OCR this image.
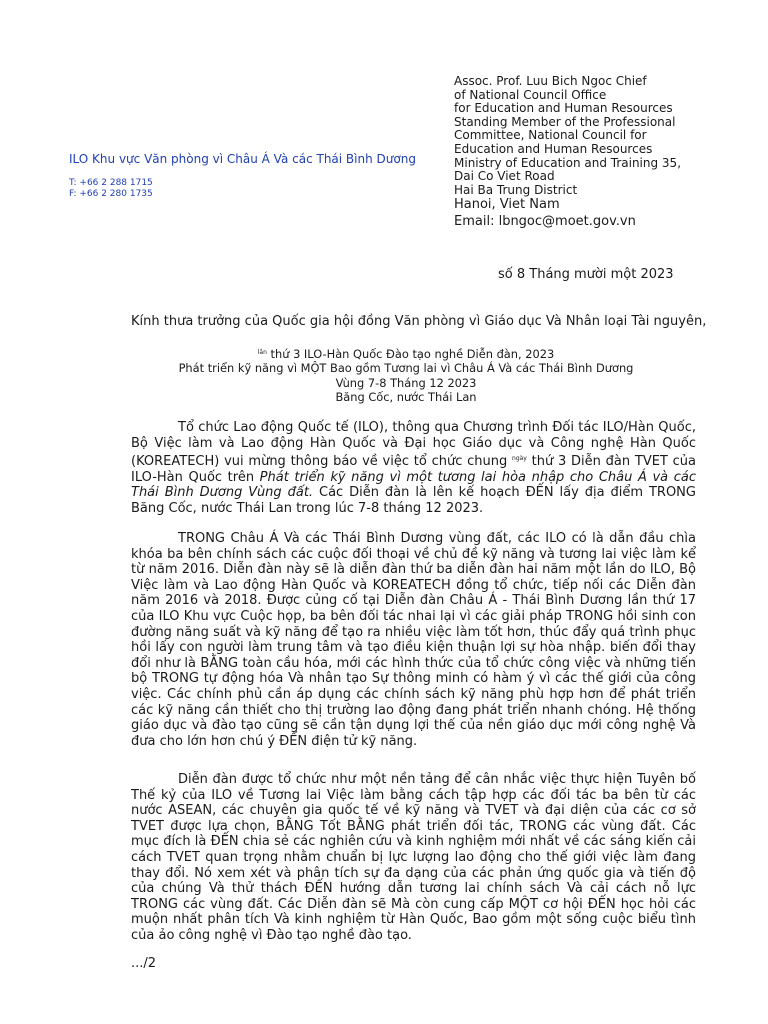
ILO Khu vực Văn phòng vì Châu Á Và các Thái Bình Dương
T: +66 2 288 1715
F: +66 2 280 1735
Assoc. Prof. Luu Bich Ngoc Chief
of National Council Office
for Education and Human Resources
Standing Member of the Professional
Committee, National Council for
Education and Human Resources
Ministry of Education and Training 35,
Dai Co Viet Road
Hai Ba Trung District
Hanoi, Viet Nam
Email: lbngoc@moet.gov.vn
số 8 Tháng mười một 2023
Kính thưa trưởng của Quốc gia hội đồng Văn phòng vì Giáo dục Và Nhân loại Tài nguyên,
$^{lần}$ thứ 3 ILO-Hàn Quốc Đào tạo nghề Diễn đàn, 2023
Phát triển kỹ năng vì MỘT Bao gồm Tương lai vì Châu Á Và các Thái Bình Dương
Vùng 7-8 Tháng 12 2023
Băng Cốc, nước Thái Lan

Tổ chức Lao động Quốc tế (ILO), thông qua Chương trình Đối tác ILO/Hàn Quốc, Bộ Việc làm và Lao động Hàn Quốc và Đại học Giáo dục và Công nghệ Hàn Quốc (KOREATECH) vui mừng thông báo về việc tổ chức chung $^{ngày}$ thứ 3 Diễn đàn TVET của ILO-Hàn Quốc trên Phát triển kỹ năng vì một tương lai hòa nhập cho Châu Á và các Thái Bình Dương Vùng đất. Các Diễn đàn là lên kế hoạch ĐẾN lấy địa điểm TRONG Băng Cốc, nước Thái Lan trong lúc 7-8 tháng 12 2023.

TRONG Châu Á Và các Thái Bình Dương vùng đất, các ILO có là dẫn đầu chìa khóa ba bên chính sách các cuộc đối thoại về chủ đề kỹ năng và tương lai việc làm kể từ năm 2016. Diễn đàn này sẽ là diễn đàn thứ ba diễn đàn hai năm một lần do ILO, Bộ Việc làm và Lao động Hàn Quốc và KOREATECH đồng tổ chức, tiếp nối các Diễn đàn năm 2016 và 2018. Được củng cố tại Diễn đàn Châu Á - Thái Bình Dương lần thứ 17 của ILO Khu vực Cuộc họp, ba bên đối tác nhai lại vì các giải pháp TRONG hồi sinh con đường năng suất và kỹ năng để tạo ra nhiều việc làm tốt hơn, thúc đẩy quá trình phục hồi lấy con người làm trung tâm và tạo điều kiện thuận lợi sự hòa nhập. biến đổi thay đổi như là BẰNG toàn cầu hóa, mới các hình thức của tổ chức công việc và những tiến bộ TRONG tự động hóa Và nhân tạo Sự thông minh có hàm ý vì các thế giới của công việc. Các chính phủ cần áp dụng các chính sách kỹ năng phù hợp hơn để phát triển các kỹ năng cần thiết cho thị trường lao động đang phát triển nhanh chóng. Hệ thống giáo dục và đào tạo cũng sẽ cần tận dụng lợi thế của nền giáo dục mới công nghệ Và đưa cho lớn hơn chú ý ĐẾN điện tử kỹ năng.

Diễn đàn được tổ chức như một nền tảng để cân nhắc việc thực hiện Tuyên bố Thế kỷ của ILO về Tương lai Việc làm bằng cách tập hợp các đối tác ba bên từ các nước ASEAN, các chuyên gia quốc tế về kỹ năng và TVET và đại diện của các cơ sở TVET được lựa chọn, BẰNG Tốt BẰNG phát triển đối tác, TRONG các vùng đất. Các mục đích là ĐẾN chia sẻ các nghiên cứu và kinh nghiệm mới nhất về các sáng kiến cải cách TVET quan trọng nhằm chuẩn bị lực lượng lao động cho thế giới việc làm đang thay đổi. Nó xem xét và phân tích sự đa dạng của các phản ứng quốc gia và tiến độ của chúng Và thử thách ĐẾN hướng dẫn tương lai chính sách Và cải cách nỗ lực TRONG các vùng đất. Các Diễn đàn sẽ Mà còn cung cấp MỘT cơ hội ĐẾN học hỏi các muộn nhất phân tích Và kinh nghiệm từ Hàn Quốc, Bao gồm một sống cuộc biểu tình của ảo công nghệ vì Đào tạo nghề đào tạo.

.../2
